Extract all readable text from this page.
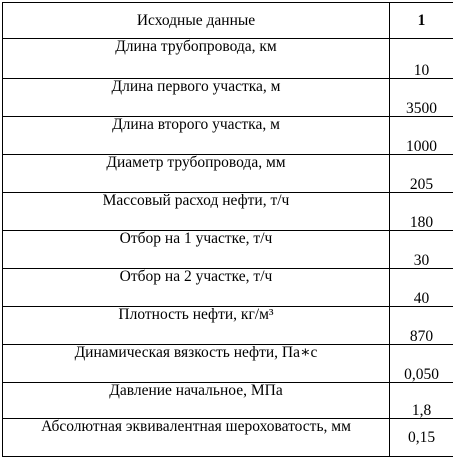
Исходные данные	1
Длина трубопровода, км	10
Длина первого участка, м	3500
Длина второго участка, м	1000
Диаметр трубопровода, мм	205
Массовый расход нефти, т/ч	180
Отбор на 1 участке, т/ч	30
Отбор на 2 участке, т/ч	40
Плотность нефти, кг/м³	870
Динамическая вязкость нефти, Па∗с	0,050
Давление начальное, МПа	1,8
Абсолютная эквивалентная шероховатость, мм	0,15
